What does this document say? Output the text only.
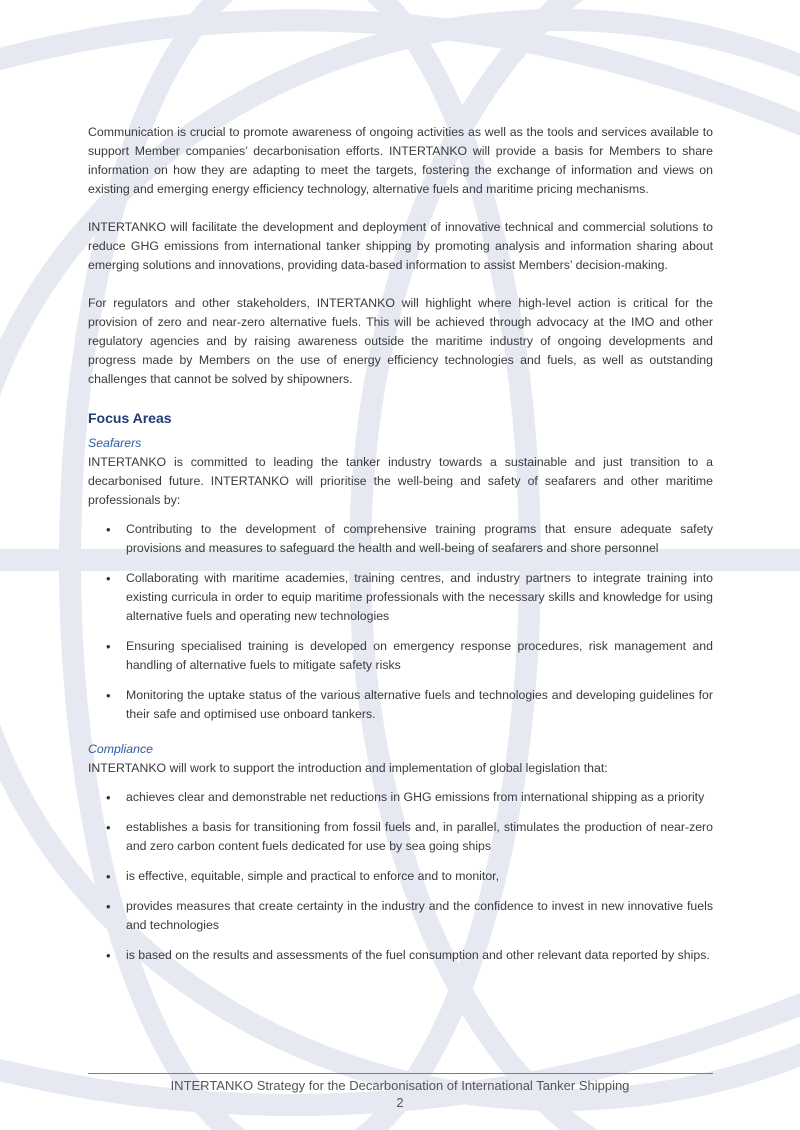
Communication is crucial to promote awareness of ongoing activities as well as the tools and services available to support Member companies’ decarbonisation efforts. INTERTANKO will provide a basis for Members to share information on how they are adapting to meet the targets, fostering the exchange of information and views on existing and emerging energy efficiency technology, alternative fuels and maritime pricing mechanisms.

INTERTANKO will facilitate the development and deployment of innovative technical and commercial solutions to reduce GHG emissions from international tanker shipping by promoting analysis and information sharing about emerging solutions and innovations, providing data-based information to assist Members’ decision-making.

For regulators and other stakeholders, INTERTANKO will highlight where high-level action is critical for the provision of zero and near-zero alternative fuels. This will be achieved through advocacy at the IMO and other regulatory agencies and by raising awareness outside the maritime industry of ongoing developments and progress made by Members on the use of energy efficiency technologies and fuels, as well as outstanding challenges that cannot be solved by shipowners.

Focus Areas

Seafarers

INTERTANKO is committed to leading the tanker industry towards a sustainable and just transition to a decarbonised future. INTERTANKO will prioritise the well-being and safety of seafarers and other maritime professionals by:

• Contributing to the development of comprehensive training programs that ensure adequate safety provisions and measures to safeguard the health and well-being of seafarers and shore personnel
• Collaborating with maritime academies, training centres, and industry partners to integrate training into existing curricula in order to equip maritime professionals with the necessary skills and knowledge for using alternative fuels and operating new technologies
• Ensuring specialised training is developed on emergency response procedures, risk management and handling of alternative fuels to mitigate safety risks
• Monitoring the uptake status of the various alternative fuels and technologies and developing guidelines for their safe and optimised use onboard tankers.

Compliance

INTERTANKO will work to support the introduction and implementation of global legislation that:

• achieves clear and demonstrable net reductions in GHG emissions from international shipping as a priority
• establishes a basis for transitioning from fossil fuels and, in parallel, stimulates the production of near-zero and zero carbon content fuels dedicated for use by sea going ships
• is effective, equitable, simple and practical to enforce and to monitor,
• provides measures that create certainty in the industry and the confidence to invest in new innovative fuels and technologies
• is based on the results and assessments of the fuel consumption and other relevant data reported by ships.
INTERTANKO Strategy for the Decarbonisation of International Tanker Shipping
2
